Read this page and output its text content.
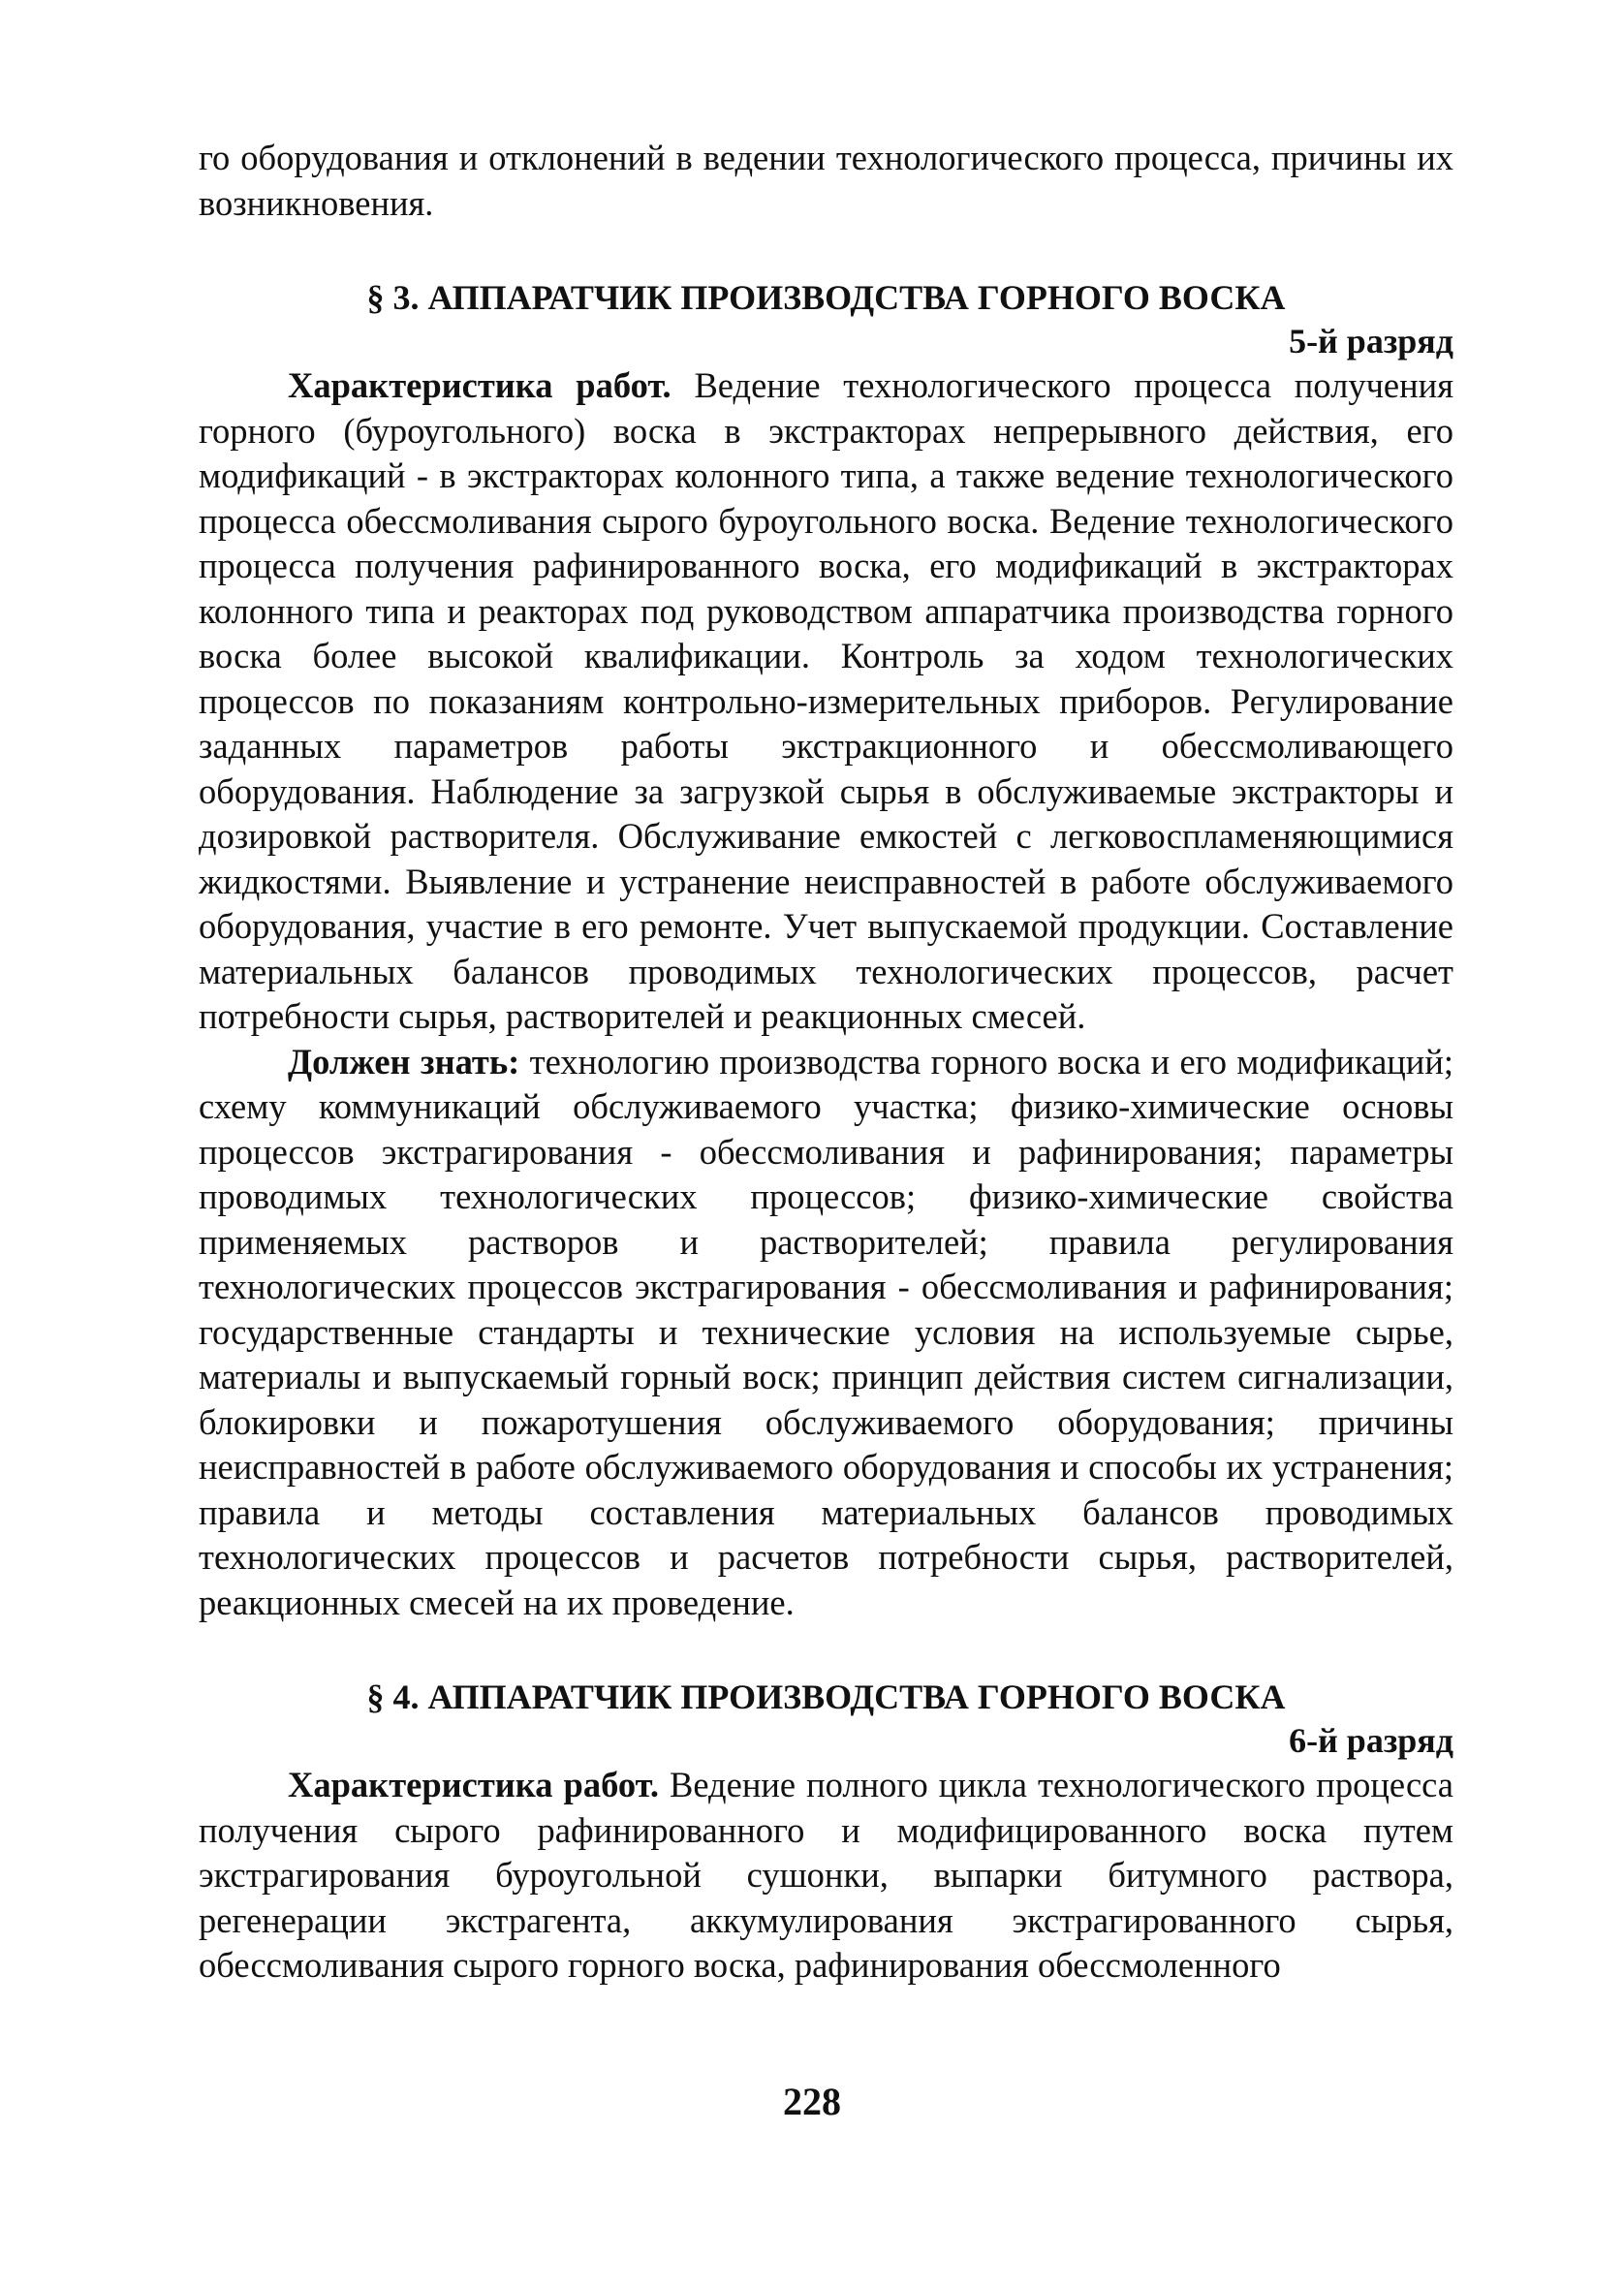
го оборудования и отклонений в ведении технологического процесса, причины их возникновения.

§ 3. АППАРАТЧИК ПРОИЗВОДСТВА ГОРНОГО ВОСКА
5-й разряд

Характеристика работ. Ведение технологического процесса получения горного (буроугольного) воска в экстракторах непрерывного действия, его модификаций - в экстракторах колонного типа, а также ведение технологического процесса обессмоливания сырого буроугольного воска. Ведение технологического процесса получения рафинированного воска, его модификаций в экстракторах колонного типа и реакторах под руководством аппаратчика производства горного воска более высокой квалификации. Контроль за ходом технологических процессов по показаниям контрольно-измерительных приборов. Регулирование заданных параметров работы экстракционного и обессмоливающего оборудования. Наблюдение за загрузкой сырья в обслуживаемые экстракторы и дозировкой растворителя. Обслуживание емкостей с легковоспламеняющимися жидкостями. Выявление и устранение неисправностей в работе обслуживаемого оборудования, участие в его ремонте. Учет выпускаемой продукции. Составление материальных балансов проводимых технологических процессов, расчет потребности сырья, растворителей и реакционных смесей.

Должен знать: технологию производства горного воска и его модификаций; схему коммуникаций обслуживаемого участка; физико-химические основы процессов экстрагирования - обессмоливания и рафинирования; параметры проводимых технологических процессов; физико-химические свойства применяемых растворов и растворителей; правила регулирования технологических процессов экстрагирования - обессмоливания и рафинирования; государственные стандарты и технические условия на используемые сырье, материалы и выпускаемый горный воск; принцип действия систем сигнализации, блокировки и пожаротушения обслуживаемого оборудования; причины неисправностей в работе обслуживаемого оборудования и способы их устранения; правила и методы составления материальных балансов проводимых технологических процессов и расчетов потребности сырья, растворителей, реакционных смесей на их проведение.

§ 4. АППАРАТЧИК ПРОИЗВОДСТВА ГОРНОГО ВОСКА
6-й разряд

Характеристика работ. Ведение полного цикла технологического процесса получения сырого рафинированного и модифицированного воска путем экстрагирования буроугольной сушонки, выпарки битумного раствора, регенерации экстрагента, аккумулирования экстрагированного сырья, обессмоливания сырого горного воска, рафинирования обессмоленного

228
